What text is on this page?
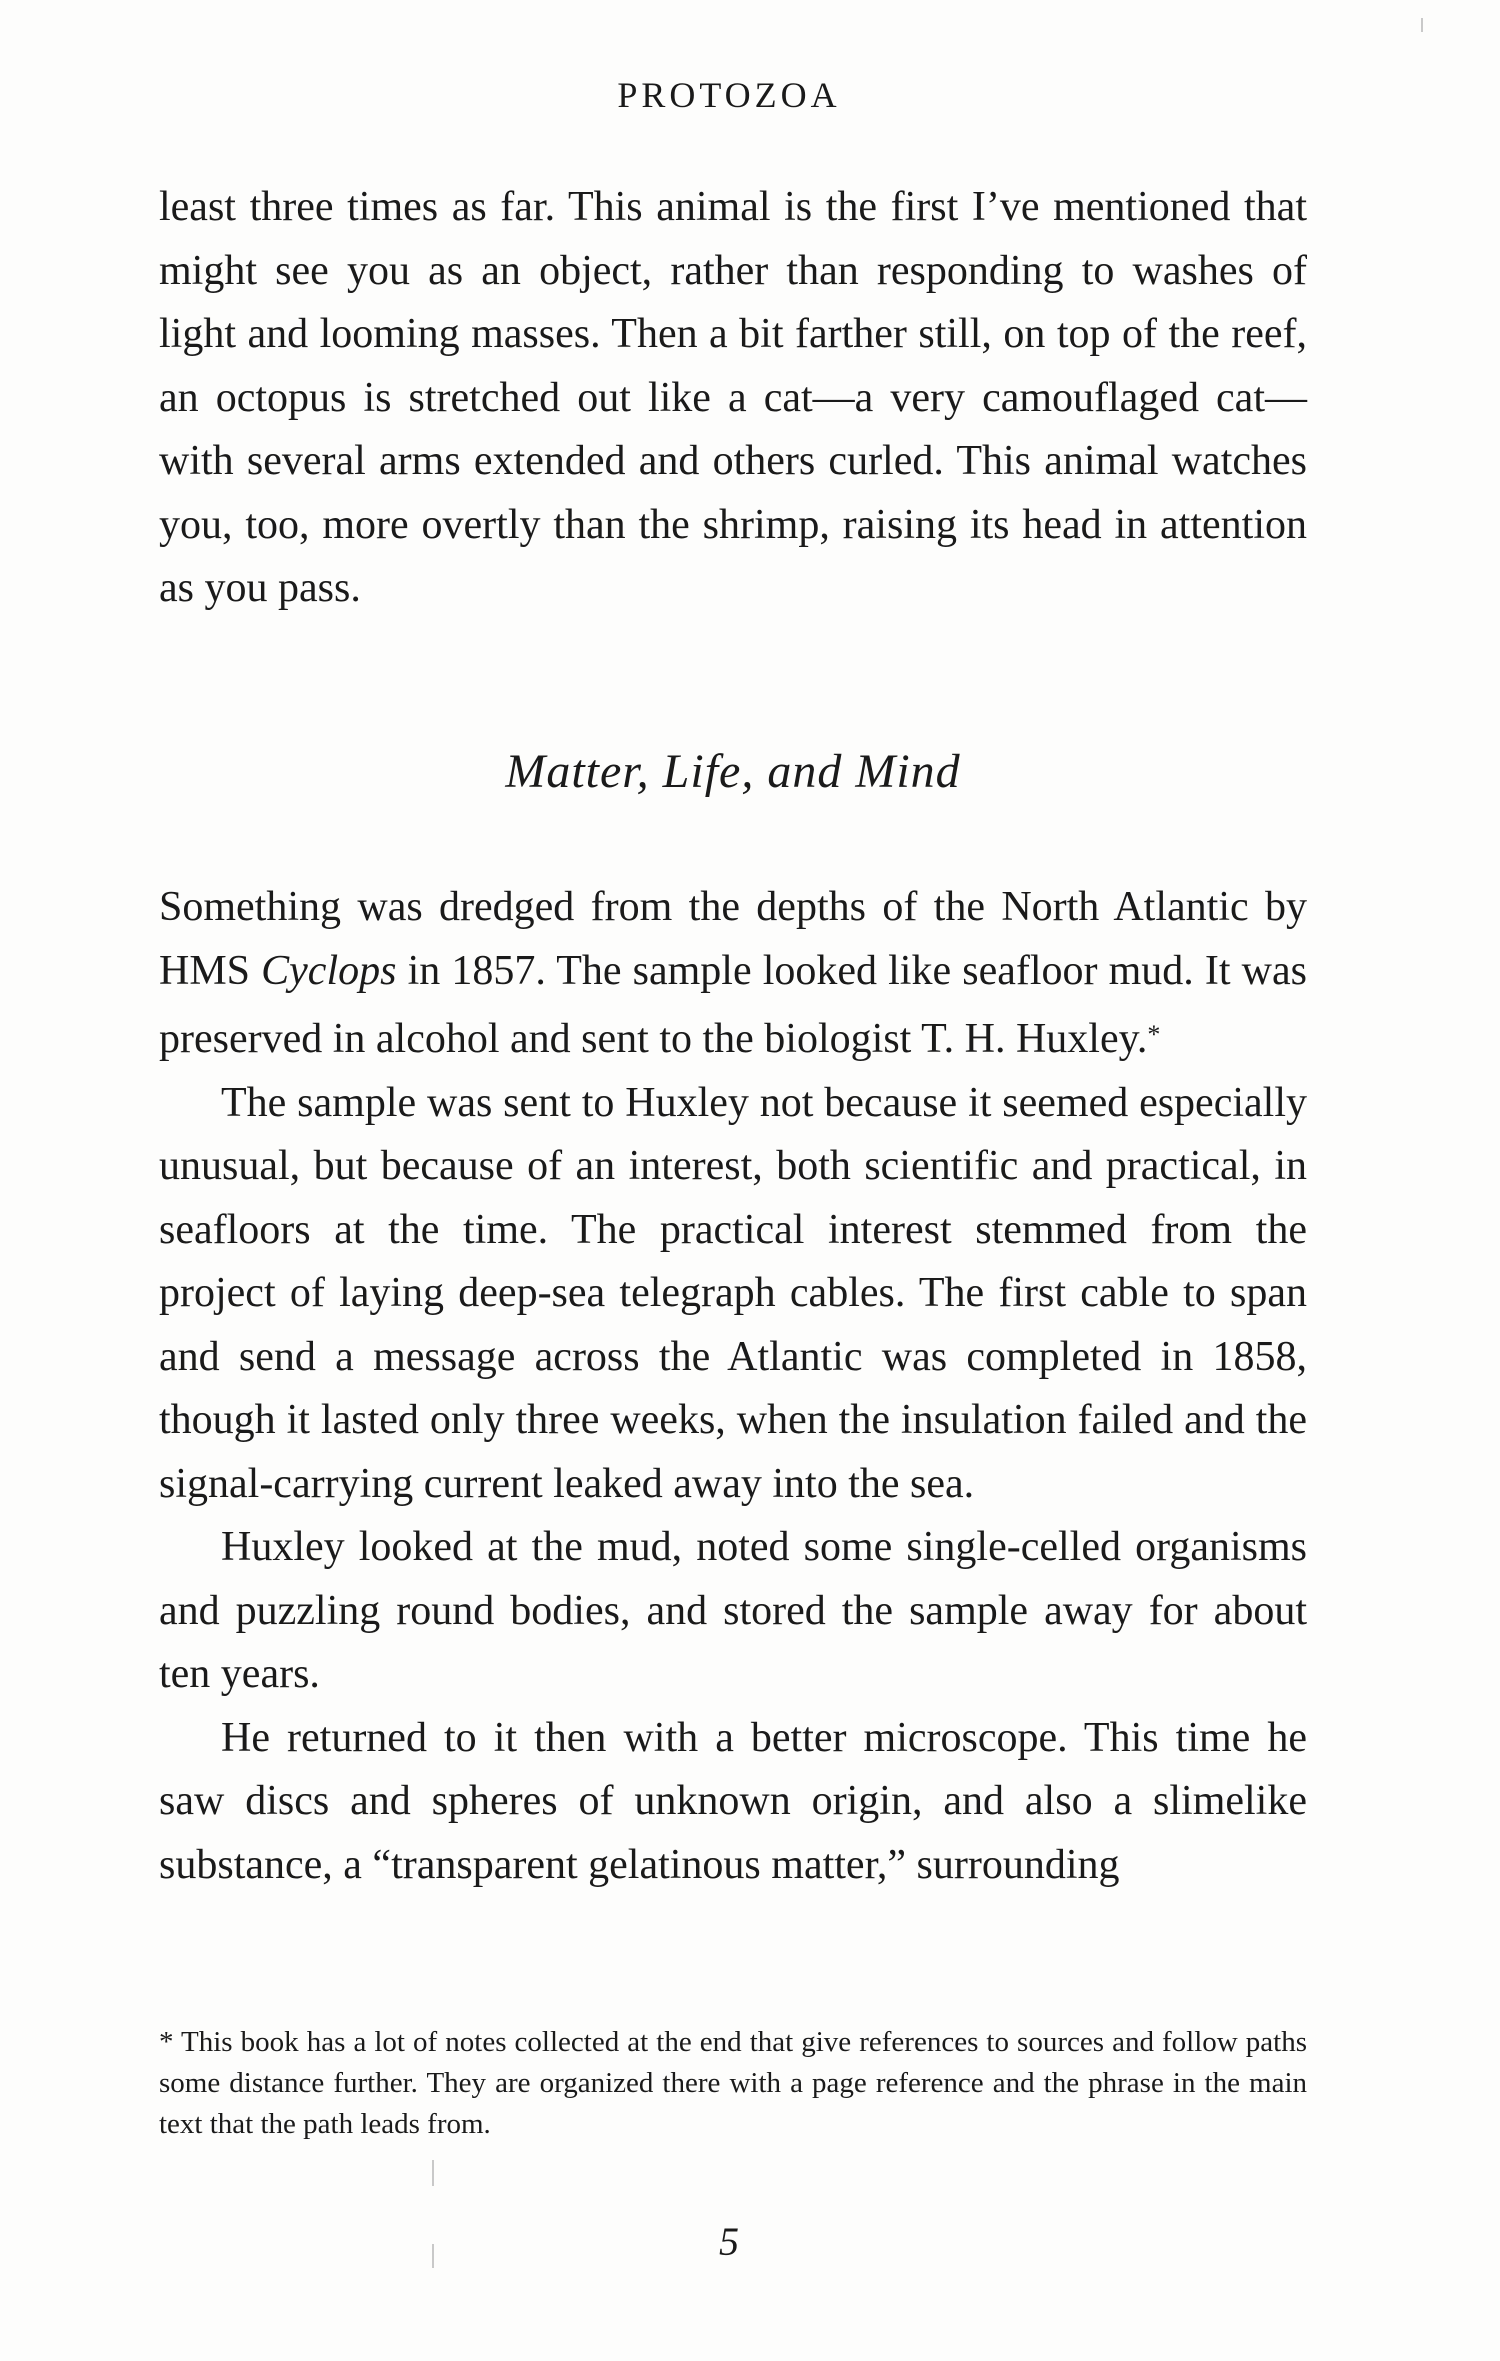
PROTOZOA

least three times as far. This animal is the first I’ve mentioned that might see you as an object, rather than responding to washes of light and looming masses. Then a bit farther still, on top of the reef, an octopus is stretched out like a cat—a very camouflaged cat—with several arms extended and others curled. This animal watches you, too, more overtly than the shrimp, raising its head in attention as you pass.

Matter, Life, and Mind

Something was dredged from the depths of the North Atlantic by HMS Cyclops in 1857. The sample looked like seafloor mud. It was preserved in alcohol and sent to the biologist T. H. Huxley.*

The sample was sent to Huxley not because it seemed especially unusual, but because of an interest, both scientific and practical, in seafloors at the time. The practical interest stemmed from the project of laying deep-sea telegraph cables. The first cable to span and send a message across the Atlantic was completed in 1858, though it lasted only three weeks, when the insulation failed and the signal-carrying current leaked away into the sea.

Huxley looked at the mud, noted some single-celled organisms and puzzling round bodies, and stored the sample away for about ten years.

He returned to it then with a better microscope. This time he saw discs and spheres of unknown origin, and also a slimelike substance, a “transparent gelatinous matter,” surrounding

* This book has a lot of notes collected at the end that give references to sources and follow paths some distance further. They are organized there with a page reference and the phrase in the main text that the path leads from.

5
